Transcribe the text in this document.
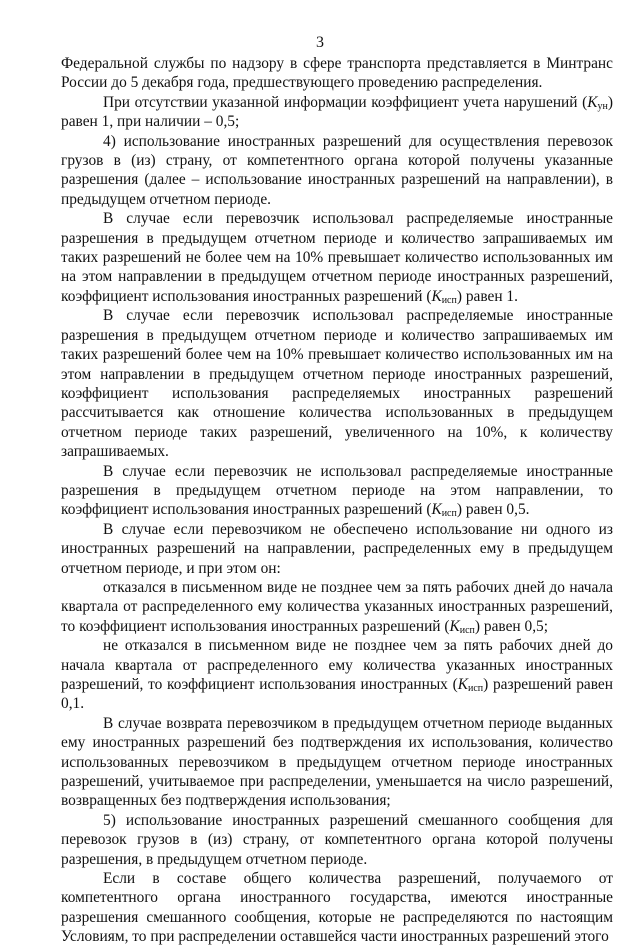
3

Федеральной службы по надзору в сфере транспорта представляется в Минтранс России до 5 декабря года, предшествующего проведению распределения.

При отсутствии указанной информации коэффициент учета нарушений $(К_{ун})$ равен 1, при наличии – 0,5;

4) использование иностранных разрешений для осуществления перевозок грузов в (из) страну, от компетентного органа которой получены указанные разрешения (далее – использование иностранных разрешений на направлении), в предыдущем отчетном периоде.

В случае если перевозчик использовал распределяемые иностранные разрешения в предыдущем отчетном периоде и количество запрашиваемых им таких разрешений не более чем на 10% превышает количество использованных им на этом направлении в предыдущем отчетном периоде иностранных разрешений, коэффициент использования иностранных разрешений $(К_{исп})$ равен 1.

В случае если перевозчик использовал распределяемые иностранные разрешения в предыдущем отчетном периоде и количество запрашиваемых им таких разрешений более чем на 10% превышает количество использованных им на этом направлении в предыдущем отчетном периоде иностранных разрешений, коэффициент использования распределяемых иностранных разрешений рассчитывается как отношение количества использованных в предыдущем отчетном периоде таких разрешений, увеличенного на 10%, к количеству запрашиваемых.

В случае если перевозчик не использовал распределяемые иностранные разрешения в предыдущем отчетном периоде на этом направлении, то коэффициент использования иностранных разрешений $(К_{исп})$ равен 0,5.

В случае если перевозчиком не обеспечено использование ни одного из иностранных разрешений на направлении, распределенных ему в предыдущем отчетном периоде, и при этом он:

отказался в письменном виде не позднее чем за пять рабочих дней до начала квартала от распределенного ему количества указанных иностранных разрешений, то коэффициент использования иностранных разрешений $(К_{исп})$ равен 0,5;

не отказался в письменном виде не позднее чем за пять рабочих дней до начала квартала от распределенного ему количества указанных иностранных разрешений, то коэффициент использования иностранных $(К_{исп})$ разрешений равен 0,1.

В случае возврата перевозчиком в предыдущем отчетном периоде выданных ему иностранных разрешений без подтверждения их использования, количество использованных перевозчиком в предыдущем отчетном периоде иностранных разрешений, учитываемое при распределении, уменьшается на число разрешений, возвращенных без подтверждения использования;

5) использование иностранных разрешений смешанного сообщения для перевозок грузов в (из) страну, от компетентного органа которой получены разрешения, в предыдущем отчетном периоде.

Если в составе общего количества разрешений, получаемого от компетентного органа иностранного государства, имеются иностранные разрешения смешанного сообщения, которые не распределяются по настоящим Условиям, то при распределении оставшейся части иностранных разрешений этого
